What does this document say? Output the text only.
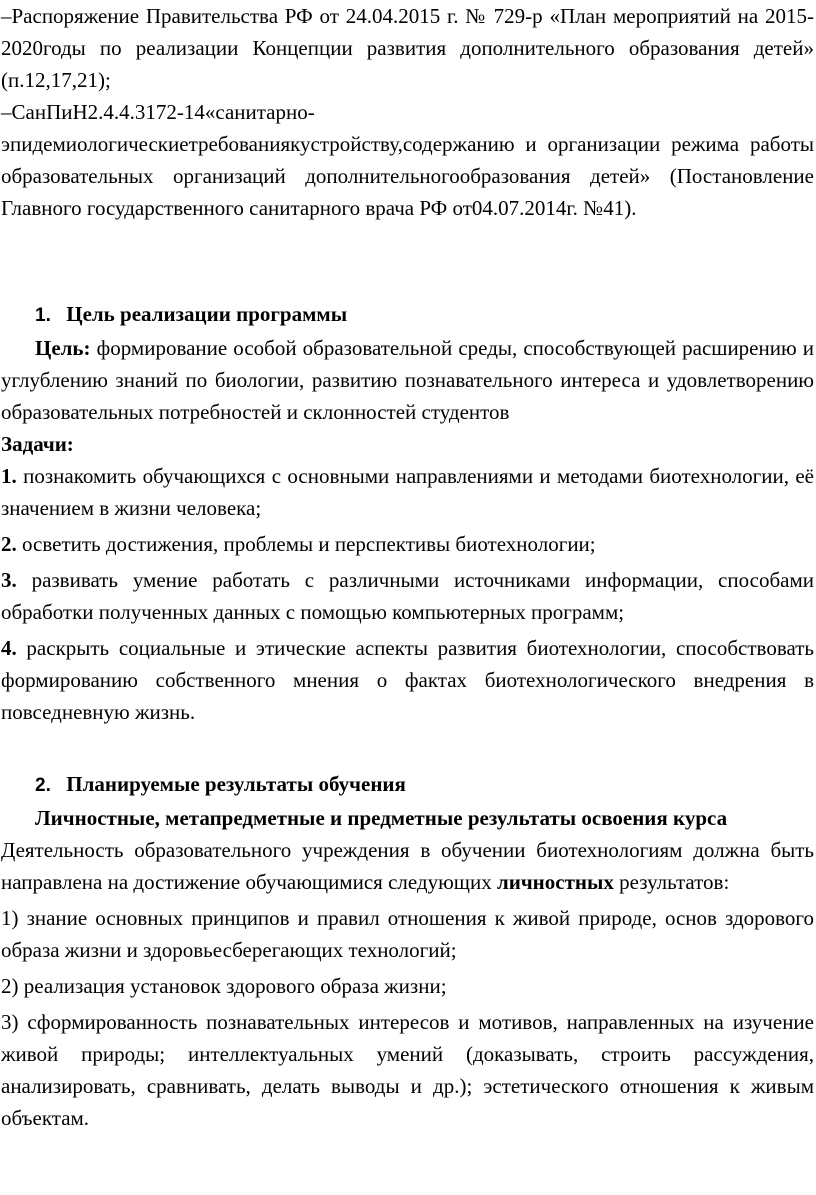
–Распоряжение Правительства РФ от 24.04.2015 г. № 729-р «План мероприятий на 2015-2020годы по реализации Концепции развития дополнительного образования детей» (п.12,17,21);

–СанПиН2.4.4.3172-14«санитарно-эпидемиологическиетребованиякустройству,содержанию и организации режима работы образовательных организаций дополнительногообразования детей» (Постановление Главного государственного санитарного врача РФ от04.07.2014г. №41).

1. Цель реализации программы

Цель: формирование особой образовательной среды, способствующей расширению и углублению знаний по биологии, развитию познавательного интереса и удовлетворению образовательных потребностей и склонностей студентов

Задачи:

1. познакомить обучающихся с основными направлениями и методами биотехнологии, её значением в жизни человека;

2. осветить достижения, проблемы и перспективы биотехнологии;

3. развивать умение работать с различными источниками информации, способами обработки полученных данных с помощью компьютерных программ;

4. раскрыть социальные и этические аспекты развития биотехнологии, способствовать формированию собственного мнения о фактах биотехнологического внедрения в повседневную жизнь.

2. Планируемые результаты обучения

Личностные, метапредметные и предметные результаты освоения курса

Деятельность образовательного учреждения в обучении биотехнологиям должна быть направлена на достижение обучающимися следующих личностных результатов:

1) знание основных принципов и правил отношения к живой природе, основ здорового образа жизни и здоровьесберегающих технологий;

2) реализация установок здорового образа жизни;

3) сформированность познавательных интересов и мотивов, направленных на изучение живой природы; интеллектуальных умений (доказывать, строить рассуждения, анализировать, сравнивать, делать выводы и др.); эстетического отношения к живым объектам.
